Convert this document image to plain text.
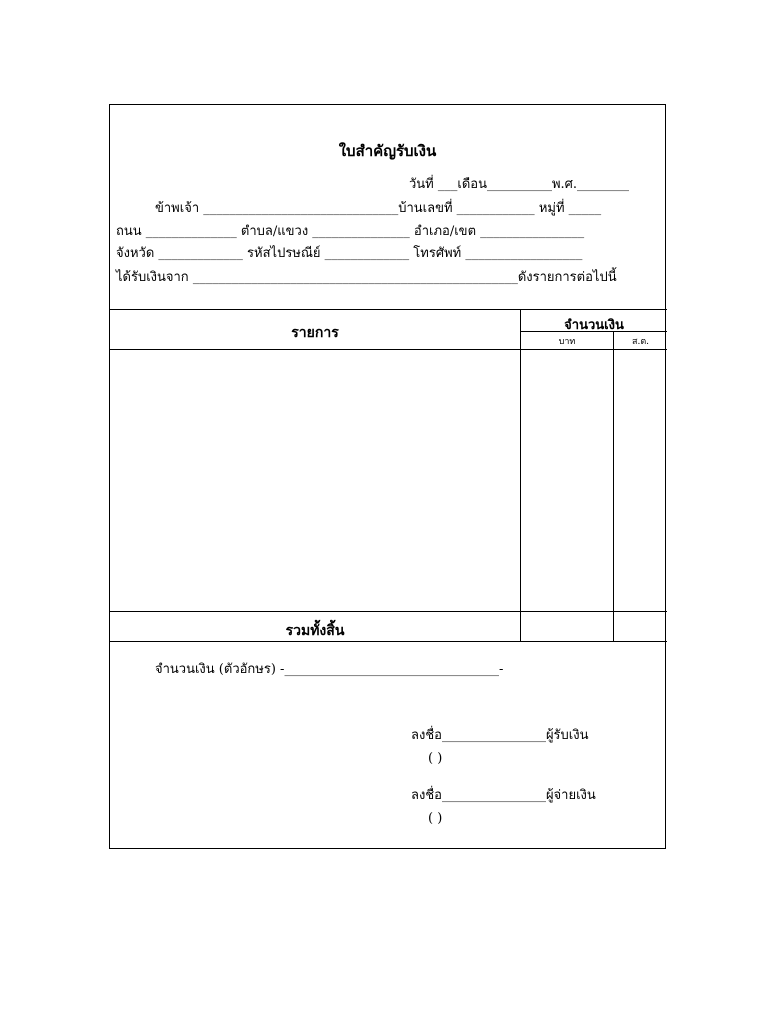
ใบสำคัญรับเงิน
วันที่ ___เดือน__________พ.ศ.________
ข้าพเจ้า ______________________________บ้านเลขที่ ____________ หมู่ที่ _____
ถนน ______________ ตำบล/แขวง _______________ อำเภอ/เขต ________________
จังหวัด _____________ รหัสไปรษณีย์ _____________ โทรศัพท์ __________________
ได้รับเงินจาก __________________________________________________ดังรายการต่อไปนี้
รายการ	จำนวนเงิน
บาท	ส.ต.
รวมทั้งสิ้น
จำนวนเงิน (ตัวอักษร) -_________________________________-
ลงชื่อ________________ผู้รับเงิน
( )
ลงชื่อ________________ผู้จ่ายเงิน
( )
